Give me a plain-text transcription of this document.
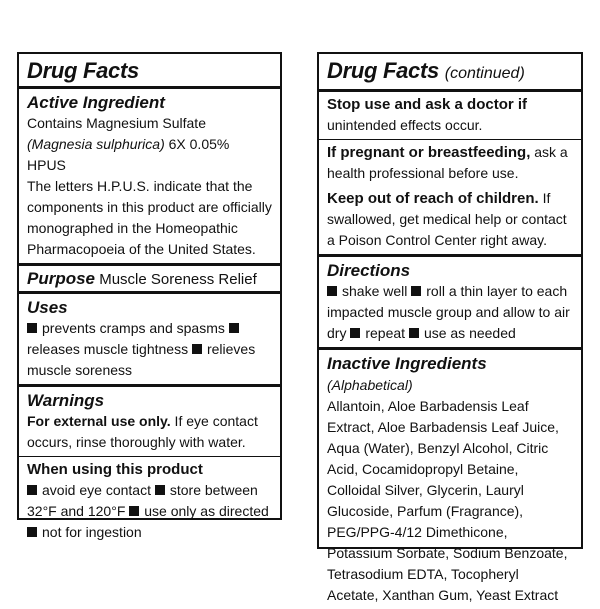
Drug Facts
Active Ingredient
Contains Magnesium Sulfate
(Magnesia sulphurica) 6X 0.05% HPUS
The letters H.P.U.S. indicate that the components in this product are officially monographed in the Homeopathic Pharmacopoeia of the United States.
Purpose Muscle Soreness Relief
Uses
prevents cramps and spasms releases muscle tightness relieves muscle soreness
Warnings
For external use only. If eye contact occurs, rinse thoroughly with water.
When using this product
avoid eye contact store between 32°F and 120°F use only as directed not for ingestion
Drug Facts (continued)
Stop use and ask a doctor if
unintended effects occur.
If pregnant or breastfeeding, ask a health professional before use.
Keep out of reach of children. If swallowed, get medical help or contact a Poison Control Center right away.
Directions
shake well roll a thin layer to each impacted muscle group and allow to air dry repeat use as needed
Inactive Ingredients (Alphabetical)
Allantoin, Aloe Barbadensis Leaf Extract, Aloe Barbadensis Leaf Juice, Aqua (Water), Benzyl Alcohol, Citric Acid, Cocamidopropyl Betaine, Colloidal Silver, Glycerin, Lauryl Glucoside, Parfum (Fragrance), PEG/PPG-4/12 Dimethicone, Potassium Sorbate, Sodium Benzoate, Tetrasodium EDTA, Tocopheryl Acetate, Xanthan Gum, Yeast Extract
